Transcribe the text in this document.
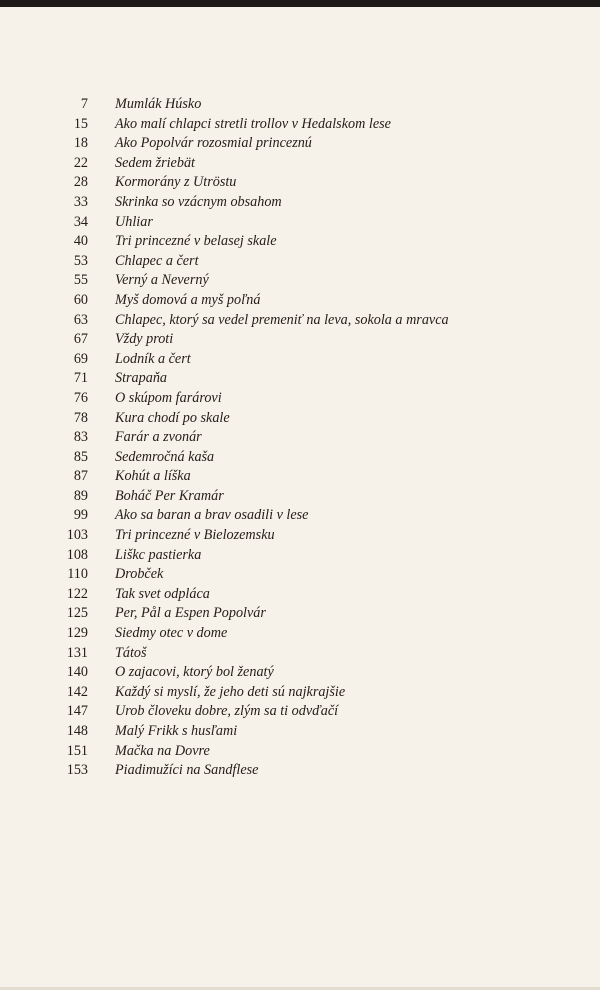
7 Mumlák Húsko
15 Ako malí chlapci stretli trollov v Hedalskom lese
18 Ako Popolvár rozosmial princeznú
22 Sedem žriebät
28 Kormorány z Utröstu
33 Skrinka so vzácnym obsahom
34 Uhliar
40 Tri princezné v belasej skale
53 Chlapec a čert
55 Verný a Neverný
60 Myš domová a myš poľná
63 Chlapec, ktorý sa vedel premeniť na leva, sokola a mravca
67 Vždy proti
69 Lodník a čert
71 Strapaňa
76 O skúpom farárovi
78 Kura chodí po skale
83 Farár a zvonár
85 Sedemročná kaša
87 Kohút a líška
89 Boháč Per Kramár
99 Ako sa baran a brav osadili v lese
103 Tri princezné v Bielozemsku
108 Liškc pastierka
110 Drobček
122 Tak svet odpláca
125 Per, Pål a Espen Popolvár
129 Siedmy otec v dome
131 Tátoš
140 O zajacovi, ktorý bol ženatý
142 Každý si myslí, že jeho deti sú najkrajšie
147 Urob človeku dobre, zlým sa ti odvďačí
148 Malý Frikk s husľami
151 Mačka na Dovre
153 Piadimužíci na Sandflese
